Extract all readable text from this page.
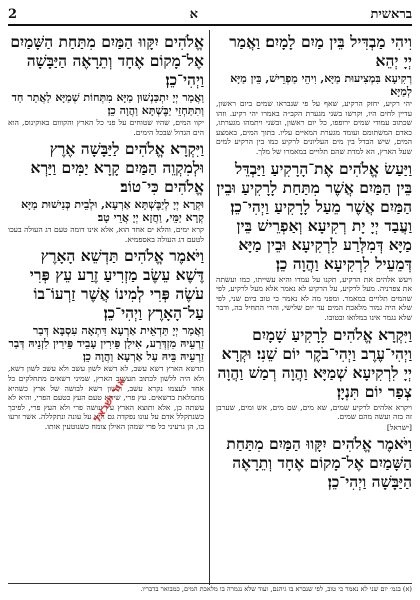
בראשית
א
2
וִיהִי מַבְדִּיל בֵּין מַיִם לָמָיִם׃ וַאֲמַר יְיָ יְהֵא
רְקִיעָא בִּמְצִיעוּת מַיָּא, וִיהֵי מַפְרֵישׁ, בֵּין מַיָּא לְמַיָּא׃
יהי רקיע, יחזק הרקיע, שאף על פי שנבראו שמים ביום ראשון, עדיין לחים היו, וקרשו בשני מגערת הקב״ה באמרו יהי רקיע. וזהו שכתוב עמודי שמים ירופפו, כל יום ראשון, ובשני ויתמהו מגערתו, כאדם המשתומם ועומד מגערת המאיים עליו. בתוך המים, באמצע המים, שיש הבדל בין מים העליונים לרקיע כמו בין הרקיע למים שעל הארץ, הא למדת שהם תלויים במאמרו של מלך.
וַיַּעַשׂ אֱלֹהִים אֶת־הָרָקִיעַ וַיַּבְדֵּל בֵּין הַמַּיִם אֲשֶׁר מִתַּחַת לָרָקִיעַ וּבֵין הַמַּיִם אֲשֶׁר מֵעַל לָרָקִיעַ וַיְהִי־כֵן׃ וַעֲבַד יְיָ יָת רְקִיעָא וְאַפְרֵישׁ בֵּין מַיָּא דְּמִלְּרַע לִרְקִיעָא וּבֵין מַיָּא דְּמֵעֵיל לִרְקִיעָא וַהֲוָה כֵן׃
ויעש אלהים את הרקיע, תקנו על עמדו והיא עשייתו, כמו ועשתה את צפרניה. מעל לרקיע, על הרקיע לא נאמר אלא מעל לרקיע, לפי שהמים תלויים במאמר. ומפני מה לא נאמר כי טוב ביום שני, לפי שלא היה גמור מלאכת המים עד יום שלישי, והרי התחיל בה, ודבר שלא נגמר אינו במלואו ובטובו.
וַיִּקְרָא אֱלֹהִים לָרָקִיעַ שָׁמָיִם וַיְהִי־עֶרֶב וַיְהִי־בֹקֶר יוֹם שֵׁנִי׃ וּקְרָא יְיָ לִרְקִיעָא שְׁמַיָּא וַהֲוָה רְמַשׁ וַהֲוָה צְפַר יוֹם תִּנְיָן׃
ויקרא אלהים לרקיע שמים, שא מים, שם מים, אש ומים, שערבן זה בזה ועשה מהם שמים.
[ישראל]
וַיֹּאמֶר אֱלֹהִים יִקָּווּ הַמַּיִם מִתַּחַת הַשָּׁמַיִם אֶל־מָקוֹם אֶחָד וְתֵרָאֶה הַיַּבָּשָׁה וַיְהִי־כֵן׃
אֱלֹהִים יִקָּווּ הַמַּיִם מִתַּחַת הַשָּׁמַיִם אֶל־מָקוֹם אֶחָד וְתֵרָאֶה הַיַּבָּשָׁה וַיְהִי־כֵן׃
וַאֲמַר יְיָ יִתְכַּנְשׁוּן מַיָּא מִתְּחוֹת שְׁמַיָּא לַאֲתַר חַד וְתִתַּחְזֵי יַבֶּשְׁתָּא וַהֲוָה כֵן׃
יקוו המים, שהיו שטוחים על פני כל הארץ והקווום באוקינוס, הוא הים הגדול שבכל הימים.
וַיִּקְרָא אֱלֹהִים לַיַּבָּשָׁה אֶרֶץ וּלְמִקְוֵה הַמַּיִם קָרָא יַמִּים וַיַּרְא אֱלֹהִים כִּי־טוֹב׃
וּקְרָא יְיָ לְיַבֶּשְׁתָּא אַרְעָא, וּלְבֵית כְּנִישׁוּת מַיָּא קְרָא יַמֵּי, וַחֲזָא יְיָ אֲרֵי טָב׃
קרא ימים, והלא ים אחד הוא, אלא אינו דומה טעם דג העולה בעכו לטעם דג העולה באספמיא.
וַיֹּאמֶר אֱלֹהִים תַּדְשֵׁא הָאָרֶץ דֶּשֶׁא עֵשֶׂב מַזְרִיעַ זֶרַע עֵץ פְּרִי עֹשֶׂה פְּרִי לְמִינוֹ אֲשֶׁר זַרְעוֹ־בוֹ עַל־הָאָרֶץ וַיְהִי־כֵן׃
וַאֲמַר יְיָ תַּדְאֵית אַרְעָא דִּתְאָה עִסְבָּא דְּבַר זַרְעֵיהּ מִזְדְּרַע, אִילַן פֵּירִין עָבֵיד פֵּירִין לִזְנֵיהּ דְּבַר זַרְעֵיהּ בֵּיהּ עַל אַרְעָא וַהֲוָה כֵן׃
תדשא הארץ דשא עשב, לא דשא לשון עשב ולא עשב לשון דשא, ולא היה ללשון לכתוב תעשיב הארץ, שמיני דשאים מתחלקים כל אחד לעצמו נקרא עשב, ולשון דשא לבושה של ארץ כשהיא מתמלאת בדשאים. עץ פרי, שיהא טעם העץ כטעם הפרי, והיא לא עשתה כן, אלא ותוצא הארץ עץ עושה פרי ולא העץ פרי, לפיכך כשנתקלל אדם על עונו נפקדה גם היא על עונה ונתקללה. אשר זרעו בו, הן גרעיני כל פרי שמהן האילן צומח כשנוטעין אותו.
אור ישראל
(א) בגמ׳ יום שני לא נאמר כי טוב, לפי שנברא בו גיהנם, ועוד שלא נגמרה בו מלאכת המים, כמבואר בדבריו.
